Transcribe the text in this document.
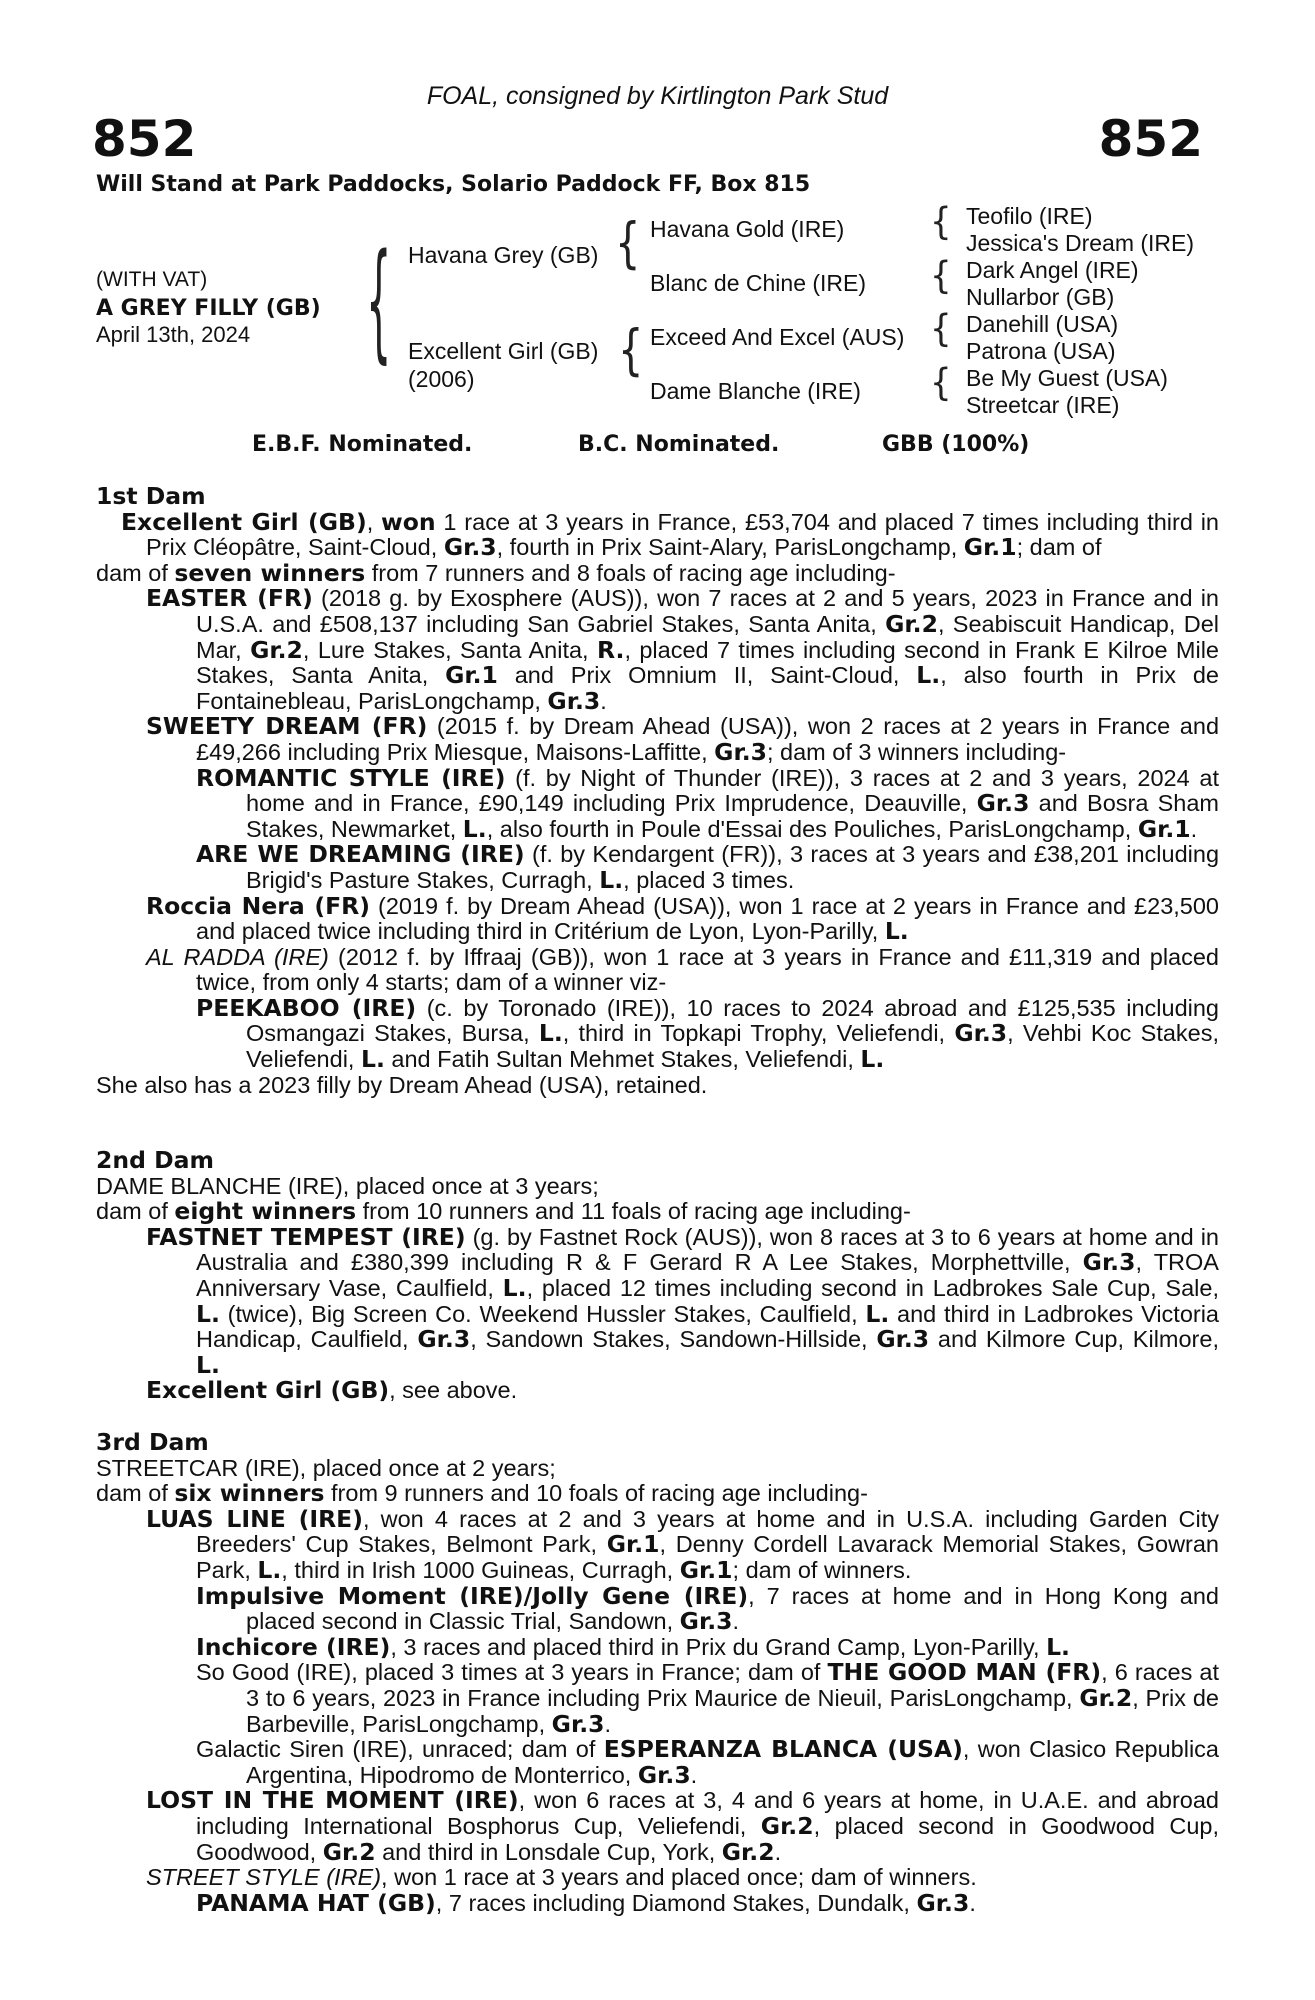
FOAL, consigned by Kirtlington Park Stud
852	852
Will Stand at Park Paddocks, Solario Paddock FF, Box 815
(WITH VAT)
A GREY FILLY (GB)
April 13th, 2024	{	{
{
{
{
{
{
Havana Grey (GB)
Excellent Girl (GB)
(2006)
Havana Gold (IRE)
Blanc de Chine (IRE)
Exceed And Excel (AUS)
Dame Blanche (IRE)
Teofilo (IRE)
Jessica's Dream (IRE)
Dark Angel (IRE)
Nullarbor (GB)
Danehill (USA)
Patrona (USA)
Be My Guest (USA)
Streetcar (IRE)
E.B.F. Nominated.	B.C. Nominated.	GBB (100%)

1st Dam

Excellent Girl (GB), won 1 race at 3 years in France, £53,704 and placed 7 times including third in Prix Cléopâtre, Saint-Cloud, Gr.3, fourth in Prix Saint-Alary, ParisLongchamp, Gr.1; dam of

dam of seven winners from 7 runners and 8 foals of racing age including-

EASTER (FR) (2018 g. by Exosphere (AUS)), won 7 races at 2 and 5 years, 2023 in France and in U.S.A. and £508,137 including San Gabriel Stakes, Santa Anita, Gr.2, Seabiscuit Handicap, Del Mar, Gr.2, Lure Stakes, Santa Anita, R., placed 7 times including second in Frank E Kilroe Mile Stakes, Santa Anita, Gr.1 and Prix Omnium II, Saint-Cloud, L., also fourth in Prix de Fontainebleau, ParisLongchamp, Gr.3.

SWEETY DREAM (FR) (2015 f. by Dream Ahead (USA)), won 2 races at 2 years in France and £49,266 including Prix Miesque, Maisons-Laffitte, Gr.3; dam of 3 winners including-

ROMANTIC STYLE (IRE) (f. by Night of Thunder (IRE)), 3 races at 2 and 3 years, 2024 at home and in France, £90,149 including Prix Imprudence, Deauville, Gr.3 and Bosra Sham Stakes, Newmarket, L., also fourth in Poule d'Essai des Pouliches, ParisLongchamp, Gr.1.

ARE WE DREAMING (IRE) (f. by Kendargent (FR)), 3 races at 3 years and £38,201 including Brigid's Pasture Stakes, Curragh, L., placed 3 times.

Roccia Nera (FR) (2019 f. by Dream Ahead (USA)), won 1 race at 2 years in France and £23,500 and placed twice including third in Critérium de Lyon, Lyon-Parilly, L.

AL RADDA (IRE) (2012 f. by Iffraaj (GB)), won 1 race at 3 years in France and £11,319 and placed twice, from only 4 starts; dam of a winner viz-

PEEKABOO (IRE) (c. by Toronado (IRE)), 10 races to 2024 abroad and £125,535 including Osmangazi Stakes, Bursa, L., third in Topkapi Trophy, Veliefendi, Gr.3, Vehbi Koc Stakes, Veliefendi, L. and Fatih Sultan Mehmet Stakes, Veliefendi, L.

She also has a 2023 filly by Dream Ahead (USA), retained.

2nd Dam

DAME BLANCHE (IRE), placed once at 3 years;

dam of eight winners from 10 runners and 11 foals of racing age including-

FASTNET TEMPEST (IRE) (g. by Fastnet Rock (AUS)), won 8 races at 3 to 6 years at home and in Australia and £380,399 including R & F Gerard R A Lee Stakes, Morphettville, Gr.3, TROA Anniversary Vase, Caulfield, L., placed 12 times including second in Ladbrokes Sale Cup, Sale, L. (twice), Big Screen Co. Weekend Hussler Stakes, Caulfield, L. and third in Ladbrokes Victoria Handicap, Caulfield, Gr.3, Sandown Stakes, Sandown-Hillside, Gr.3 and Kilmore Cup, Kilmore, L.

Excellent Girl (GB), see above.

3rd Dam

STREETCAR (IRE), placed once at 2 years;

dam of six winners from 9 runners and 10 foals of racing age including-

LUAS LINE (IRE), won 4 races at 2 and 3 years at home and in U.S.A. including Garden City Breeders' Cup Stakes, Belmont Park, Gr.1, Denny Cordell Lavarack Memorial Stakes, Gowran Park, L., third in Irish 1000 Guineas, Curragh, Gr.1; dam of winners.

Impulsive Moment (IRE)/Jolly Gene (IRE), 7 races at home and in Hong Kong and placed second in Classic Trial, Sandown, Gr.3.

Inchicore (IRE), 3 races and placed third in Prix du Grand Camp, Lyon-Parilly, L.

So Good (IRE), placed 3 times at 3 years in France; dam of THE GOOD MAN (FR), 6 races at 3 to 6 years, 2023 in France including Prix Maurice de Nieuil, ParisLongchamp, Gr.2, Prix de Barbeville, ParisLongchamp, Gr.3.

Galactic Siren (IRE), unraced; dam of ESPERANZA BLANCA (USA), won Clasico Republica Argentina, Hipodromo de Monterrico, Gr.3.

LOST IN THE MOMENT (IRE), won 6 races at 3, 4 and 6 years at home, in U.A.E. and abroad including International Bosphorus Cup, Veliefendi, Gr.2, placed second in Goodwood Cup, Goodwood, Gr.2 and third in Lonsdale Cup, York, Gr.2.

STREET STYLE (IRE), won 1 race at 3 years and placed once; dam of winners.

PANAMA HAT (GB), 7 races including Diamond Stakes, Dundalk, Gr.3.
